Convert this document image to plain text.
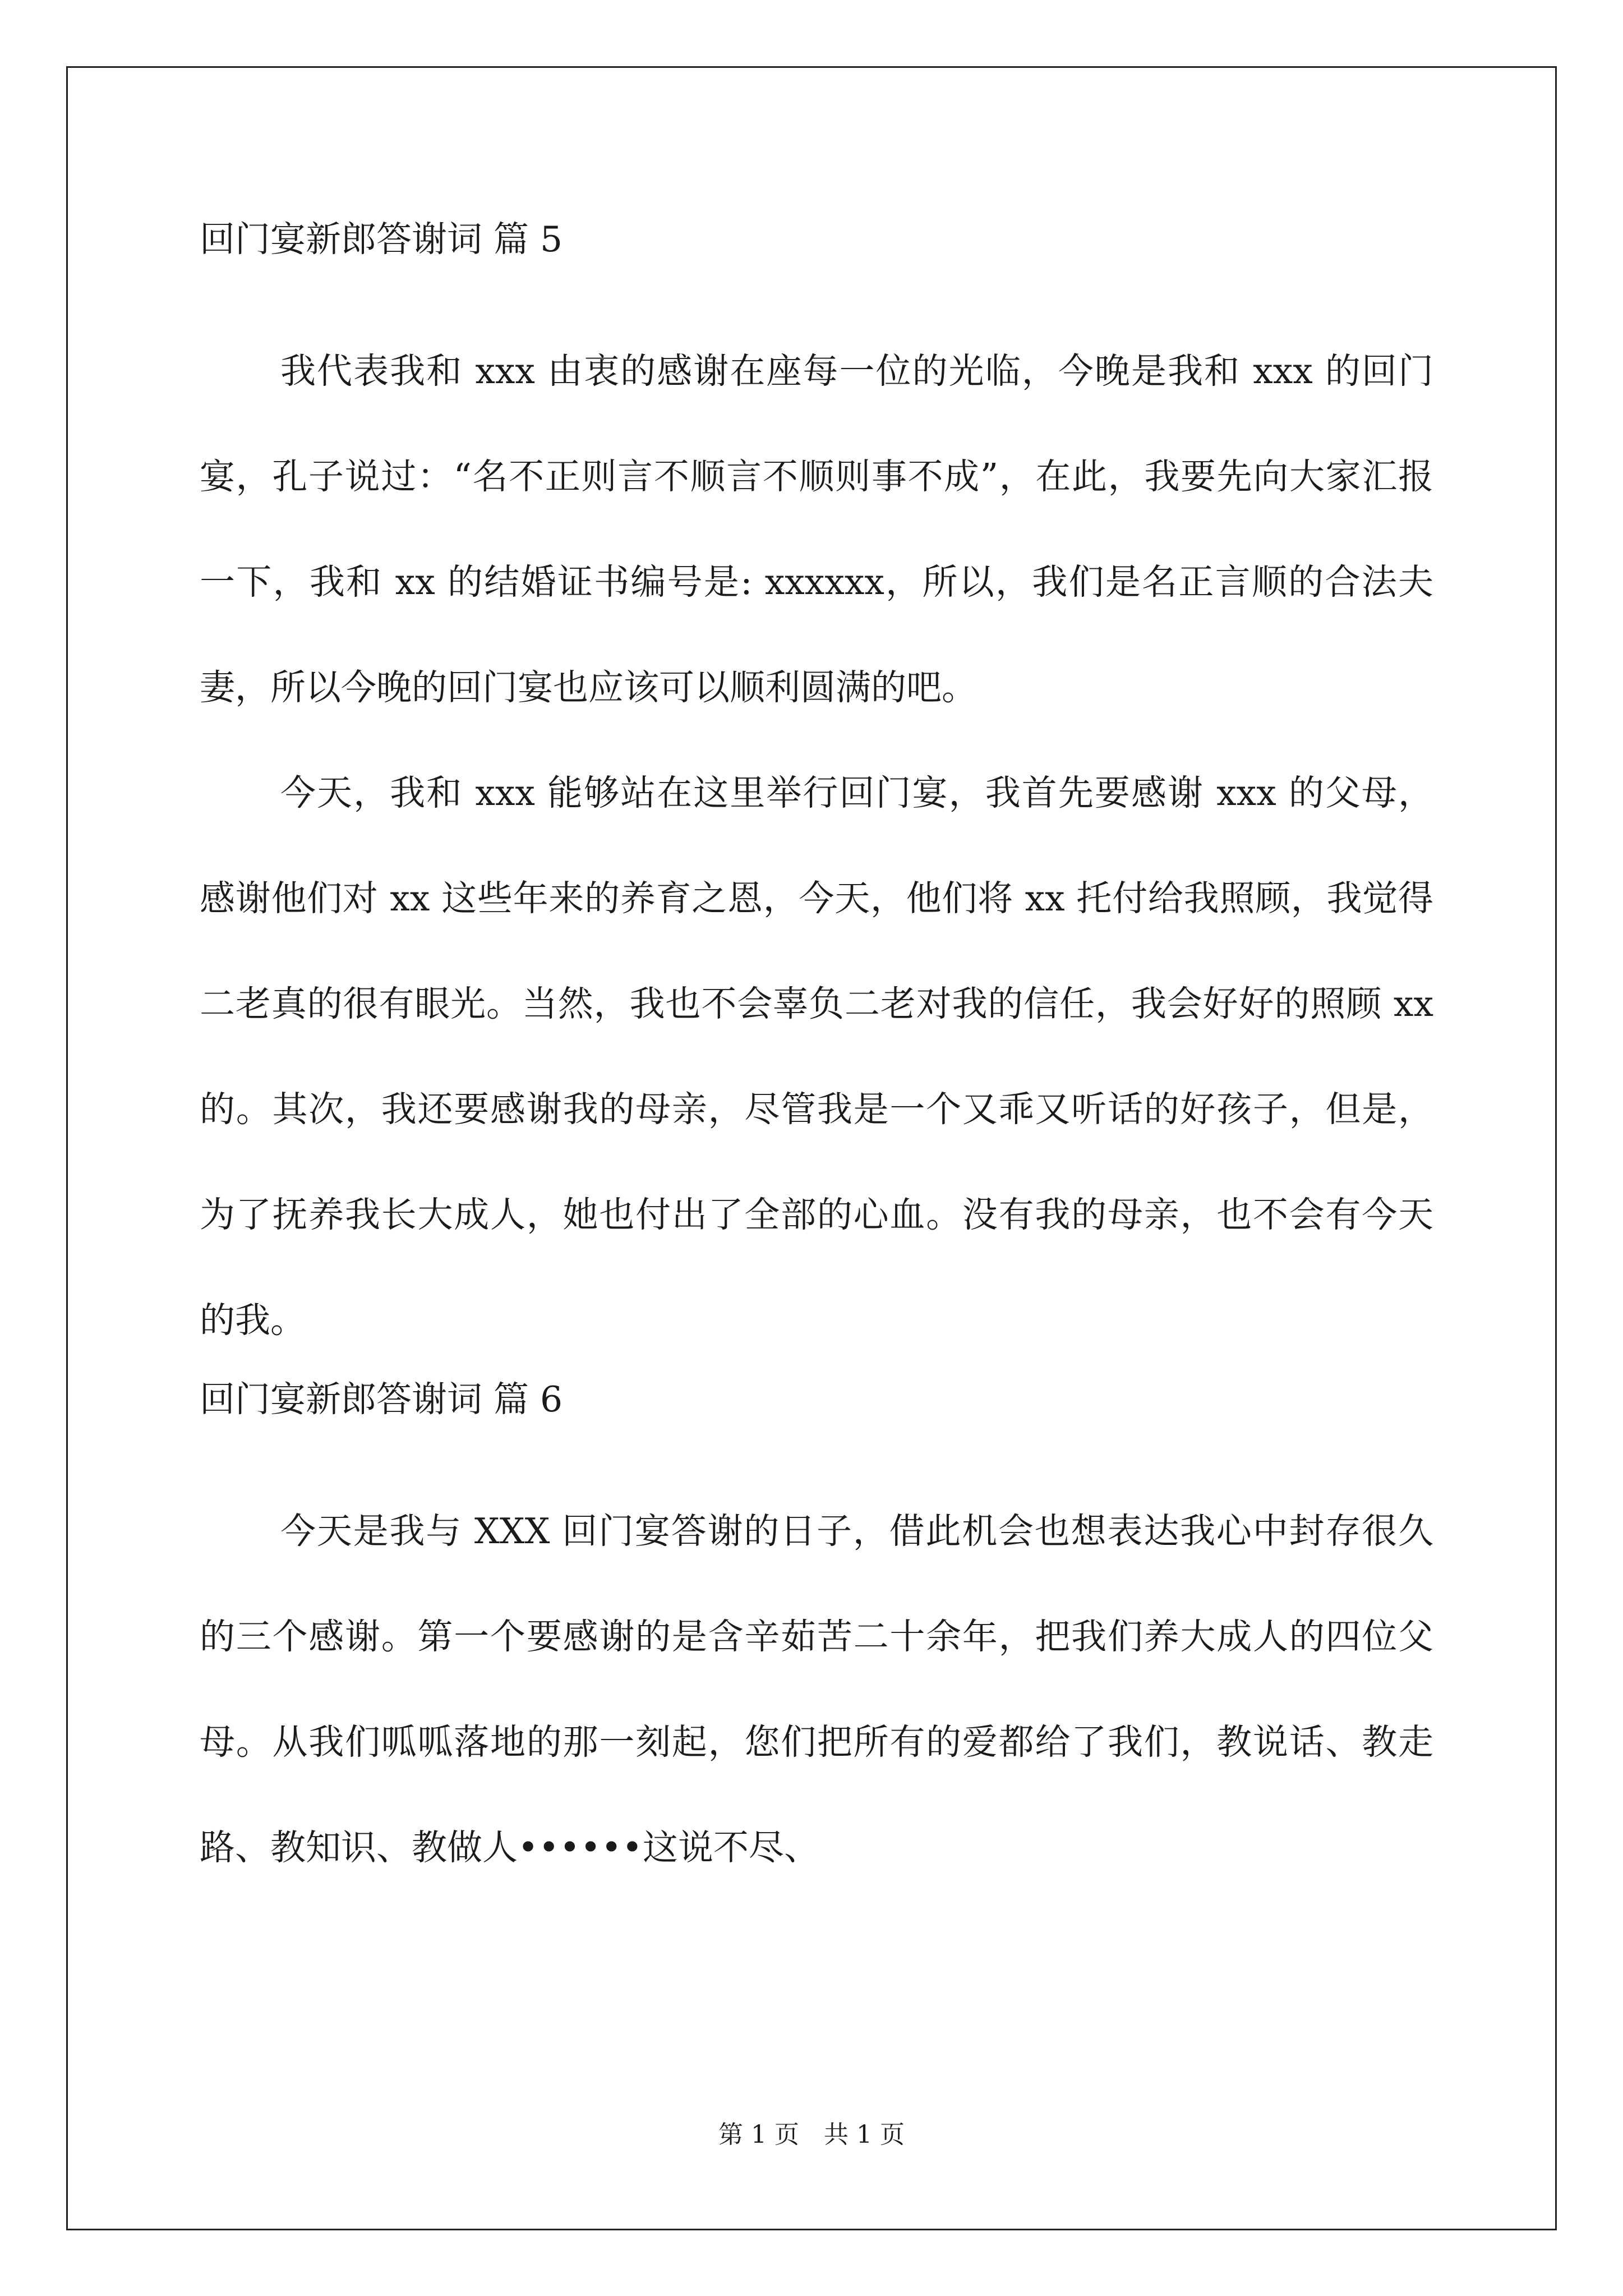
回门宴新郎答谢词 篇 5

我代表我和 xxx 由衷的感谢在座每一位的光临，今晚是我和 xxx 的回门宴，孔子说过：“名不正则言不顺言不顺则事不成”，在此，我要先向大家汇报一下，我和 xx 的结婚证书编号是: xxxxxx，所以，我们是名正言顺的合法夫妻，所以今晚的回门宴也应该可以顺利圆满的吧。

今天，我和 xxx 能够站在这里举行回门宴，我首先要感谢 xxx 的父母，感谢他们对 xx 这些年来的养育之恩，今天，他们将 xx 托付给我照顾，我觉得二老真的很有眼光。当然，我也不会辜负二老对我的信任，我会好好的照顾 xx 的。其次，我还要感谢我的母亲，尽管我是一个又乖又听话的好孩子，但是，为了抚养我长大成人，她也付出了全部的心血。没有我的母亲，也不会有今天的我。

回门宴新郎答谢词 篇 6

今天是我与 XXX 回门宴答谢的日子，借此机会也想表达我心中封存很久的三个感谢。第一个要感谢的是含辛茹苦二十余年，把我们养大成人的四位父母。从我们呱呱落地的那一刻起，您们把所有的爱都给了我们，教说话、教走路、教知识、教做人••••••这说不尽、

第 1 页 共 1 页
